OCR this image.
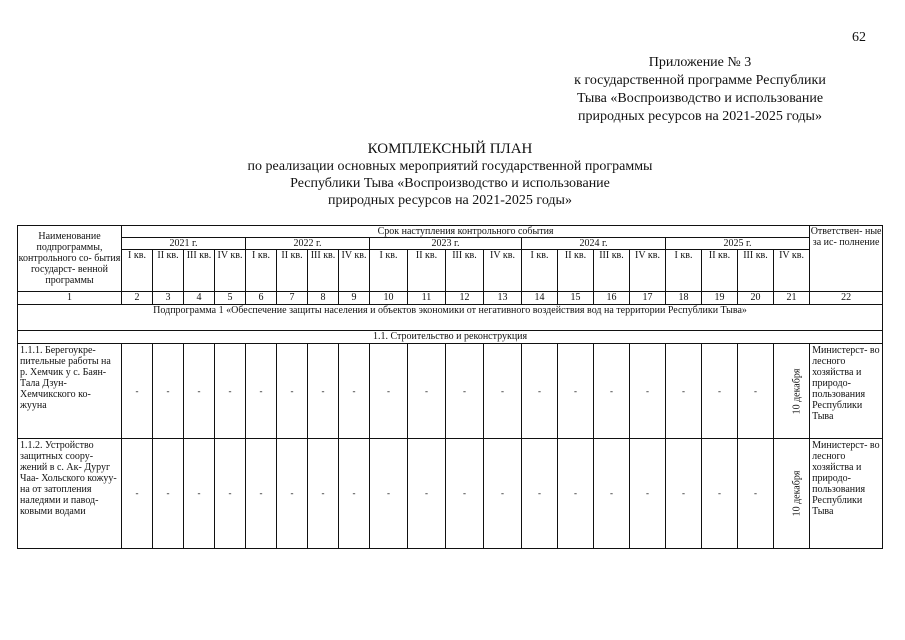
62
Приложение № 3
к государственной программе Республики
Тыва «Воспроизводство и использование
природных ресурсов на 2021-2025 годы»
КОМПЛЕКСНЫЙ ПЛАН
по реализации основных мероприятий государственной программы
Республики Тыва «Воспроизводство и использование
природных ресурсов на 2021-2025 годы»
Наименование подпрограммы, контрольного со- бытия государст- венной программы	Срок наступления контрольного события																				Ответствен- ные за ис- полнение
	2021 г.				2022 г.				2023 г.				2024 г.				2025 г.				
	I кв.	II кв.	III кв.	IV кв.	I кв.	II кв.	III кв.	IV кв.	I кв.	II кв.	III кв.	IV кв.	I кв.	II кв.	III кв.	IV кв.	I кв.	II кв.	III кв.	IV кв.	
1	2	3	4	5	6	7	8	9	10	11	12	13	14	15	16	17	18	19	20	21	22
Подпрограмма 1 «Обеспечение защиты населения и объектов экономики от негативного воздействия вод на территории Республики Тыва»																					
1.1. Строительство и реконструкция																					
1.1.1. Берегоукре- пительные работы на р. Хемчик у с. Баян-Тала Дзун- Хемчикского ко- жууна	-	-	-	-	-	-	-	-	-	-	-	-	-	-	-	-	-	-	-	10 декабря	Министерст- во лесного хозяйства и природо- пользования Республики Тыва
1.1.2. Устройство защитных соору- жений в с. Ак- Дуруг Чаа- Хольского кожуу- на от затопления наледями и павод- ковыми водами	-	-	-	-	-	-	-	-	-	-	-	-	-	-	-	-	-	-	-	10 декабря	Министерст- во лесного хозяйства и природо- пользования Республики Тыва
